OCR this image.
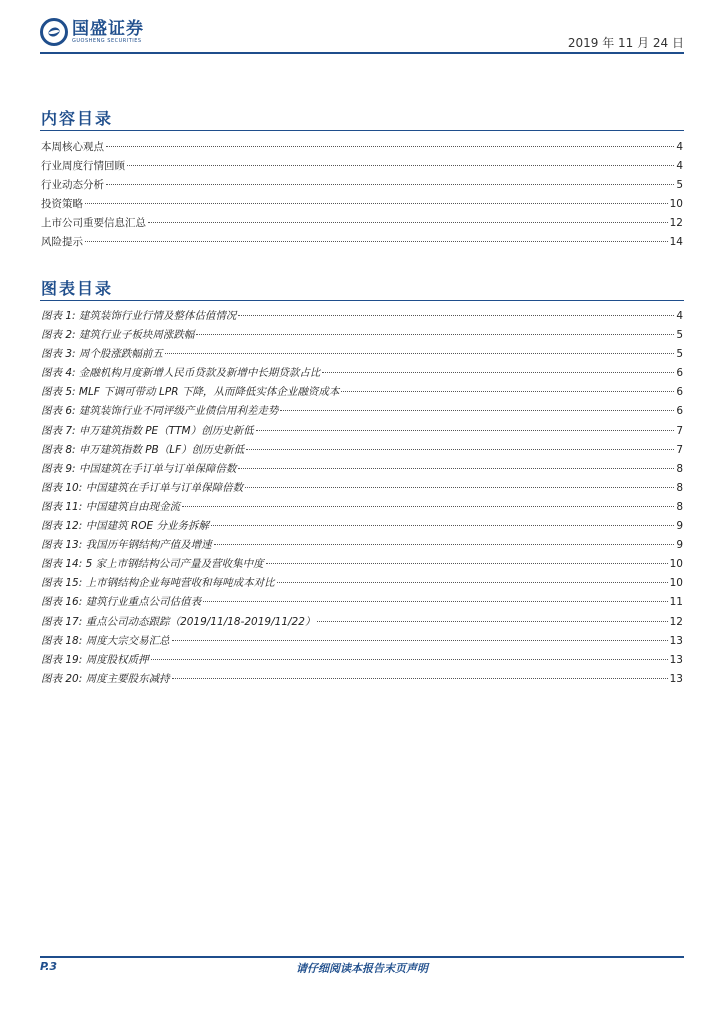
国盛证券
GUOSHENG SECURITIES	2019 年 11 月 24 日
内容目录
本周核心观点	4
行业周度行情回顾	4
行业动态分析	5
投资策略	10
上市公司重要信息汇总	12
风险提示	14
图表目录
图表 1: 建筑装饰行业行情及整体估值情况	4
图表 2: 建筑行业子板块周涨跌幅	5
图表 3: 周个股涨跌幅前五	5
图表 4: 金融机构月度新增人民币贷款及新增中长期贷款占比	6
图表 5: MLF 下调可带动 LPR 下降，从而降低实体企业融资成本	6
图表 6: 建筑装饰行业不同评级产业债信用利差走势	6
图表 7: 申万建筑指数 PE（TTM）创历史新低	7
图表 8: 申万建筑指数 PB（LF）创历史新低	7
图表 9: 中国建筑在手订单与订单保障倍数	8
图表 10: 中国建筑在手订单与订单保障倍数	8
图表 11: 中国建筑自由现金流	8
图表 12: 中国建筑 ROE 分业务拆解	9
图表 13: 我国历年钢结构产值及增速	9
图表 14: 5 家上市钢结构公司产量及营收集中度	10
图表 15: 上市钢结构企业每吨营收和每吨成本对比	10
图表 16: 建筑行业重点公司估值表	11
图表 17: 重点公司动态跟踪（2019/11/18-2019/11/22）	12
图表 18: 周度大宗交易汇总	13
图表 19: 周度股权质押	13
图表 20: 周度主要股东减持	13
P.3	请仔细阅读本报告末页声明
